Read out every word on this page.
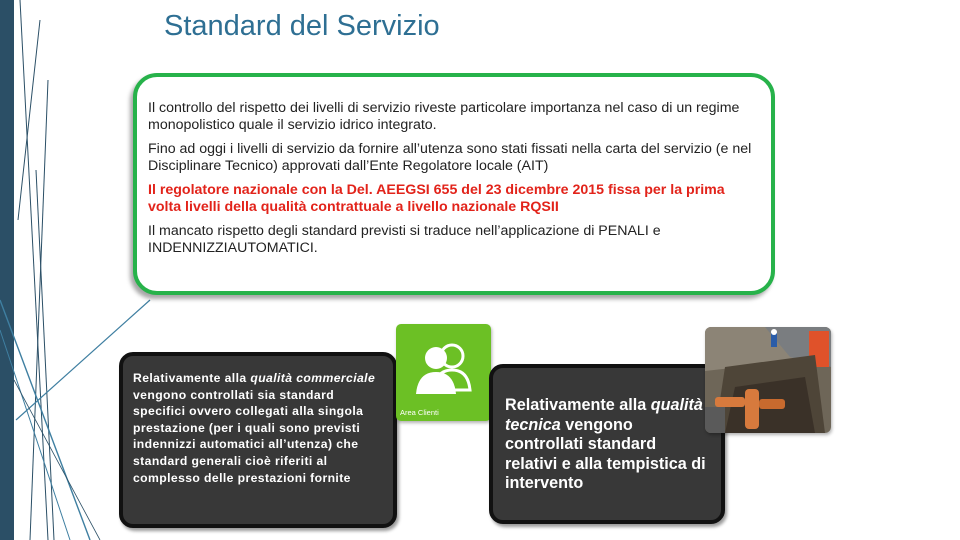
Standard del Servizio

Il controllo del rispetto dei livelli di servizio riveste particolare importanza nel caso di un regime monopolistico quale il servizio idrico integrato.

Fino ad oggi i livelli di servizio da fornire all’utenza sono stati fissati nella carta del servizio (e nel Disciplinare Tecnico) approvati dall’Ente Regolatore locale (AIT)

Il regolatore nazionale con la Del. AEEGSI 655 del 23 dicembre 2015 fissa per la prima volta livelli della qualità contrattuale a livello nazionale RQSII

Il mancato rispetto degli standard previsti si traduce nell’applicazione di PENALI e INDENNIZZIAUTOMATICI.

Relativamente alla qualità commerciale vengono controllati sia standard specifici ovvero collegati alla singola prestazione (per i quali sono previsti indennizzi automatici all’utenza) che standard generali cioè riferiti al complesso delle prestazioni fornite
Area Clienti	Relativamente alla qualità tecnica vengono controllati standard relativi e alla tempistica di intervento
